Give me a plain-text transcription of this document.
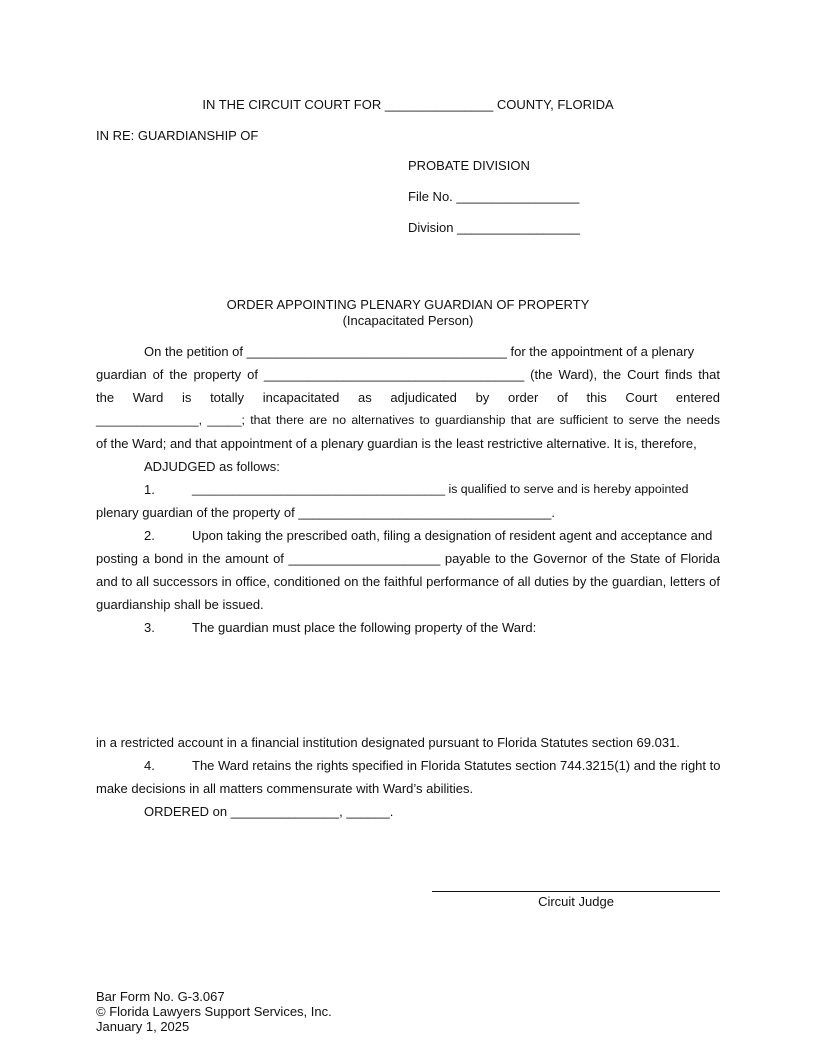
IN THE CIRCUIT COURT FOR _______________ COUNTY, FLORIDA
IN RE: GUARDIANSHIP OF
PROBATE DIVISION
File No. _________________
Division _________________
ORDER APPOINTING PLENARY GUARDIAN OF PROPERTY
(Incapacitated Person)
On the petition of ____________________________________ for the appointment of a plenary
guardian of the property of ____________________________________ (the Ward), the Court finds that
the Ward is totally incapacitated as adjudicated by order of this Court entered
_______________, _____; that there are no alternatives to guardianship that are sufficient to serve the needs
of the Ward; and that appointment of a plenary guardian is the least restrictive alternative. It is, therefore,
ADJUDGED as follows:
1.	_____________________________________ is qualified to serve and is hereby appointed
plenary guardian of the property of ___________________________________.
2.	Upon taking the prescribed oath, filing a designation of resident agent and acceptance and
posting a bond in the amount of _____________________ payable to the Governor of the State of Florida
and to all successors in office, conditioned on the faithful performance of all duties by the guardian, letters of
guardianship shall be issued.
3.	The guardian must place the following property of the Ward:
in a restricted account in a financial institution designated pursuant to Florida Statutes section 69.031.
4.	The Ward retains the rights specified in Florida Statutes section 744.3215(1) and the right to
make decisions in all matters commensurate with Ward’s abilities.
ORDERED on _______________, ______.
Circuit Judge
Bar Form No. G-3.067
© Florida Lawyers Support Services, Inc.
January 1, 2025
